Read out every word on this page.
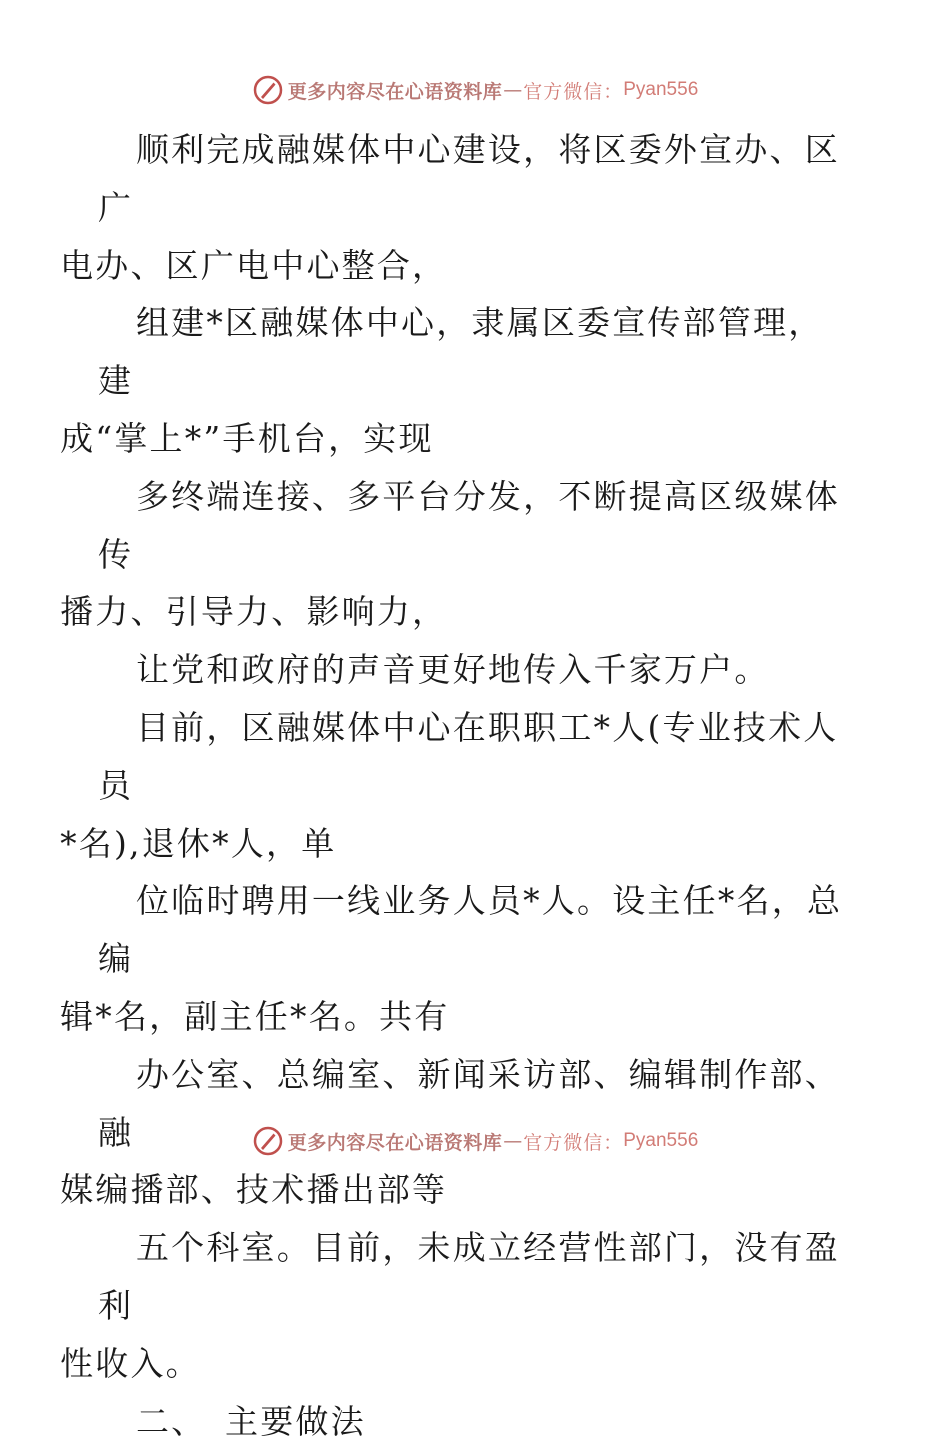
更多内容尽在心语资料库 — 官方微信： Pyan556

顺利完成融媒体中心建设，将区委外宣办、区广
电办、区广电中心整合，

组建*区融媒体中心，隶属区委宣传部管理，建
成“掌上*”手机台，实现

多终端连接、多平台分发，不断提高区级媒体传
播力、引导力、影响力，

让党和政府的声音更好地传入千家万户。

目前，区融媒体中心在职职工*人(专业技术人员
*名),退休*人，单

位临时聘用一线业务人员*人。设主任*名，总编
辑*名，副主任*名。共有

办公室、总编室、新闻采访部、编辑制作部、融
媒编播部、技术播出部等

五个科室。目前，未成立经营性部门，没有盈利
性收入。

二、　主要做法

更多内容尽在心语资料库 — 官方微信： Pyan556
